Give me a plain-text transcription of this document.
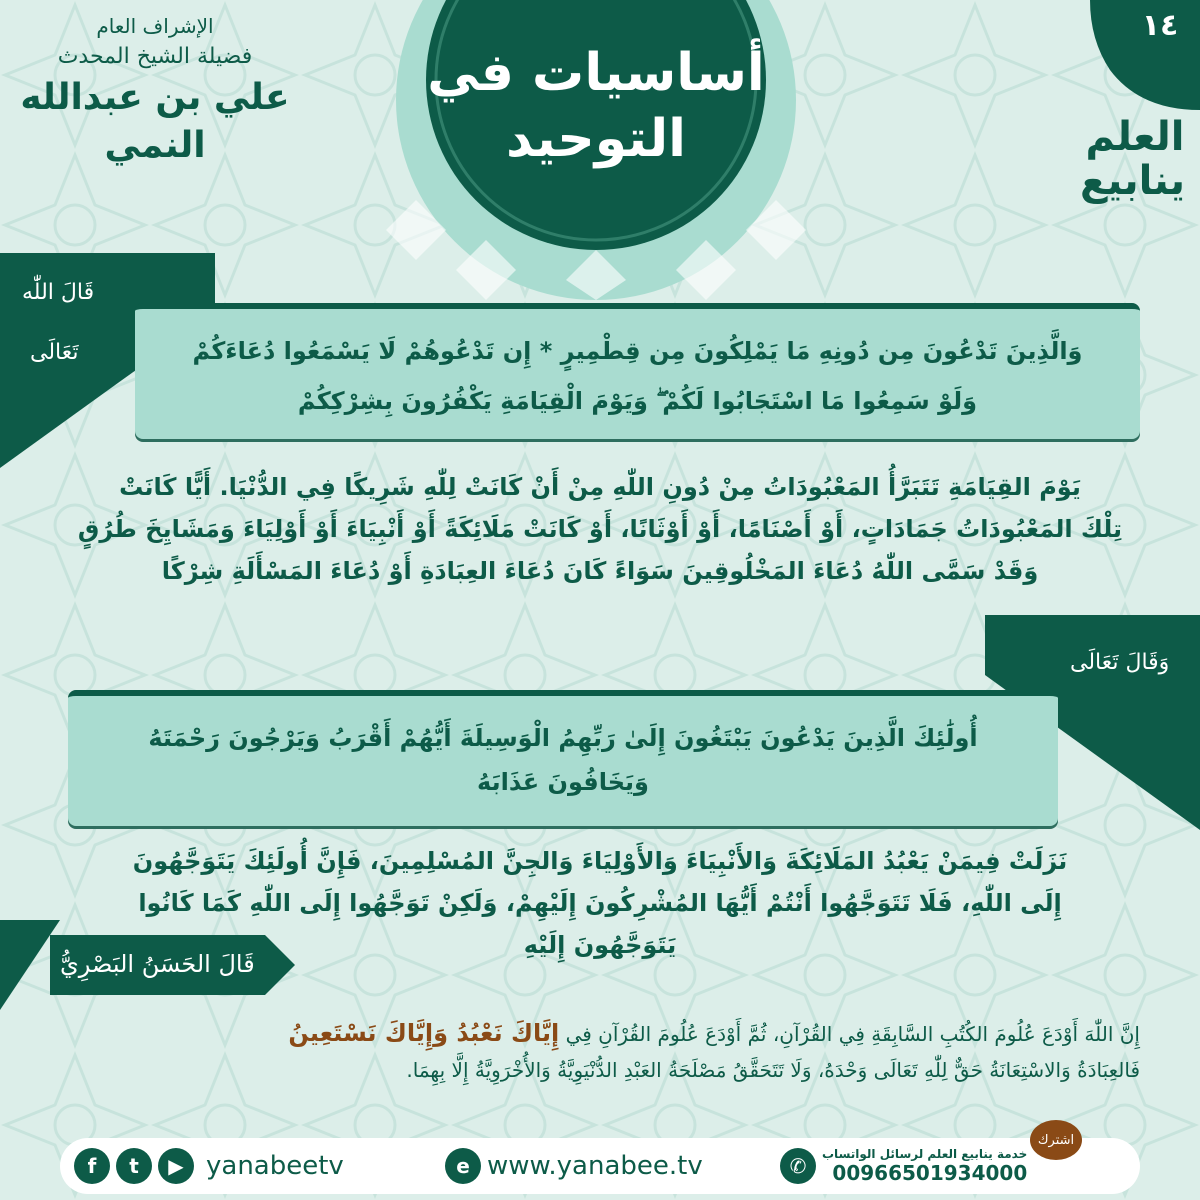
أساسيات في
التوحيد
١٤
العلم
ينابيع
الإشراف العام
فضيلة الشيخ المحدث
علي بن عبدالله النمي
قَالَ اللّٰه
تَعَالَى	وَالَّذِينَ تَدْعُونَ مِن دُونِهِ مَا يَمْلِكُونَ مِن قِطْمِيرٍ * إِن تَدْعُوهُمْ لَا يَسْمَعُوا دُعَاءَكُمْ
وَلَوْ سَمِعُوا مَا اسْتَجَابُوا لَكُمْ ۖ وَيَوْمَ الْقِيَامَةِ يَكْفُرُونَ بِشِرْكِكُمْ
يَوْمَ القِيَامَةِ تَتَبَرَّأُ المَعْبُودَاتُ مِنْ دُونِ اللّٰهِ مِنْ أَنْ كَانَتْ لِلّٰهِ شَرِيكًا فِي الدُّنْيَا. أَيًّا كَانَتْ
تِلْكَ المَعْبُودَاتُ جَمَادَاتٍ، أَوْ أَصْنَامًا، أَوْ أَوْثَانًا، أَوْ كَانَتْ مَلَائِكَةً أَوْ أَنْبِيَاءَ أَوْ أَوْلِيَاءَ وَمَشَايِخَ طُرُقٍ
وَقَدْ سَمَّى اللّٰهُ دُعَاءَ المَخْلُوقِينَ سَوَاءً كَانَ دُعَاءَ العِبَادَةِ أَوْ دُعَاءَ المَسْأَلَةِ شِرْكًا
وَقَالَ تَعَالَى
أُولَٰئِكَ الَّذِينَ يَدْعُونَ يَبْتَغُونَ إِلَىٰ رَبِّهِمُ الْوَسِيلَةَ أَيُّهُمْ أَقْرَبُ وَيَرْجُونَ رَحْمَتَهُ
وَيَخَافُونَ عَذَابَهُ
نَزَلَتْ فِيمَنْ يَعْبُدُ المَلَائِكَةَ وَالأَنْبِيَاءَ وَالأَوْلِيَاءَ وَالجِنَّ المُسْلِمِينَ، فَإِنَّ أُولَئِكَ يَتَوَجَّهُونَ
إِلَى اللّٰهِ، فَلَا تَتَوَجَّهُوا أَنْتُمْ أَيُّهَا المُشْرِكُونَ إِلَيْهِمْ، وَلَكِنْ تَوَجَّهُوا إِلَى اللّٰهِ كَمَا كَانُوا
يَتَوَجَّهُونَ إِلَيْهِ
قَالَ الحَسَنُ البَصْرِيُّ
إِنَّ اللّٰهَ أَوْدَعَ عُلُومَ الكُتُبِ السَّابِقَةِ فِي القُرْآنِ، ثُمَّ أَوْدَعَ عُلُومَ القُرْآنِ فِي إِيَّاكَ نَعْبُدُ وَإِيَّاكَ نَسْتَعِينُ
فَالعِبَادَةُ وَالاسْتِعَانَةُ حَقٌّ لِلّٰهِ تَعَالَى وَحْدَهُ، وَلَا تَتَحَقَّقُ مَصْلَحَةُ العَبْدِ الدُّنْيَوِيَّةُ وَالأُخْرَوِيَّةُ إِلَّا بِهِمَا.
f	t	▶ yanabeetv	e www.yanabee.tv	✆	خدمة ينابيع العلم لرسائل الواتساب
00966501934000
اشترك
